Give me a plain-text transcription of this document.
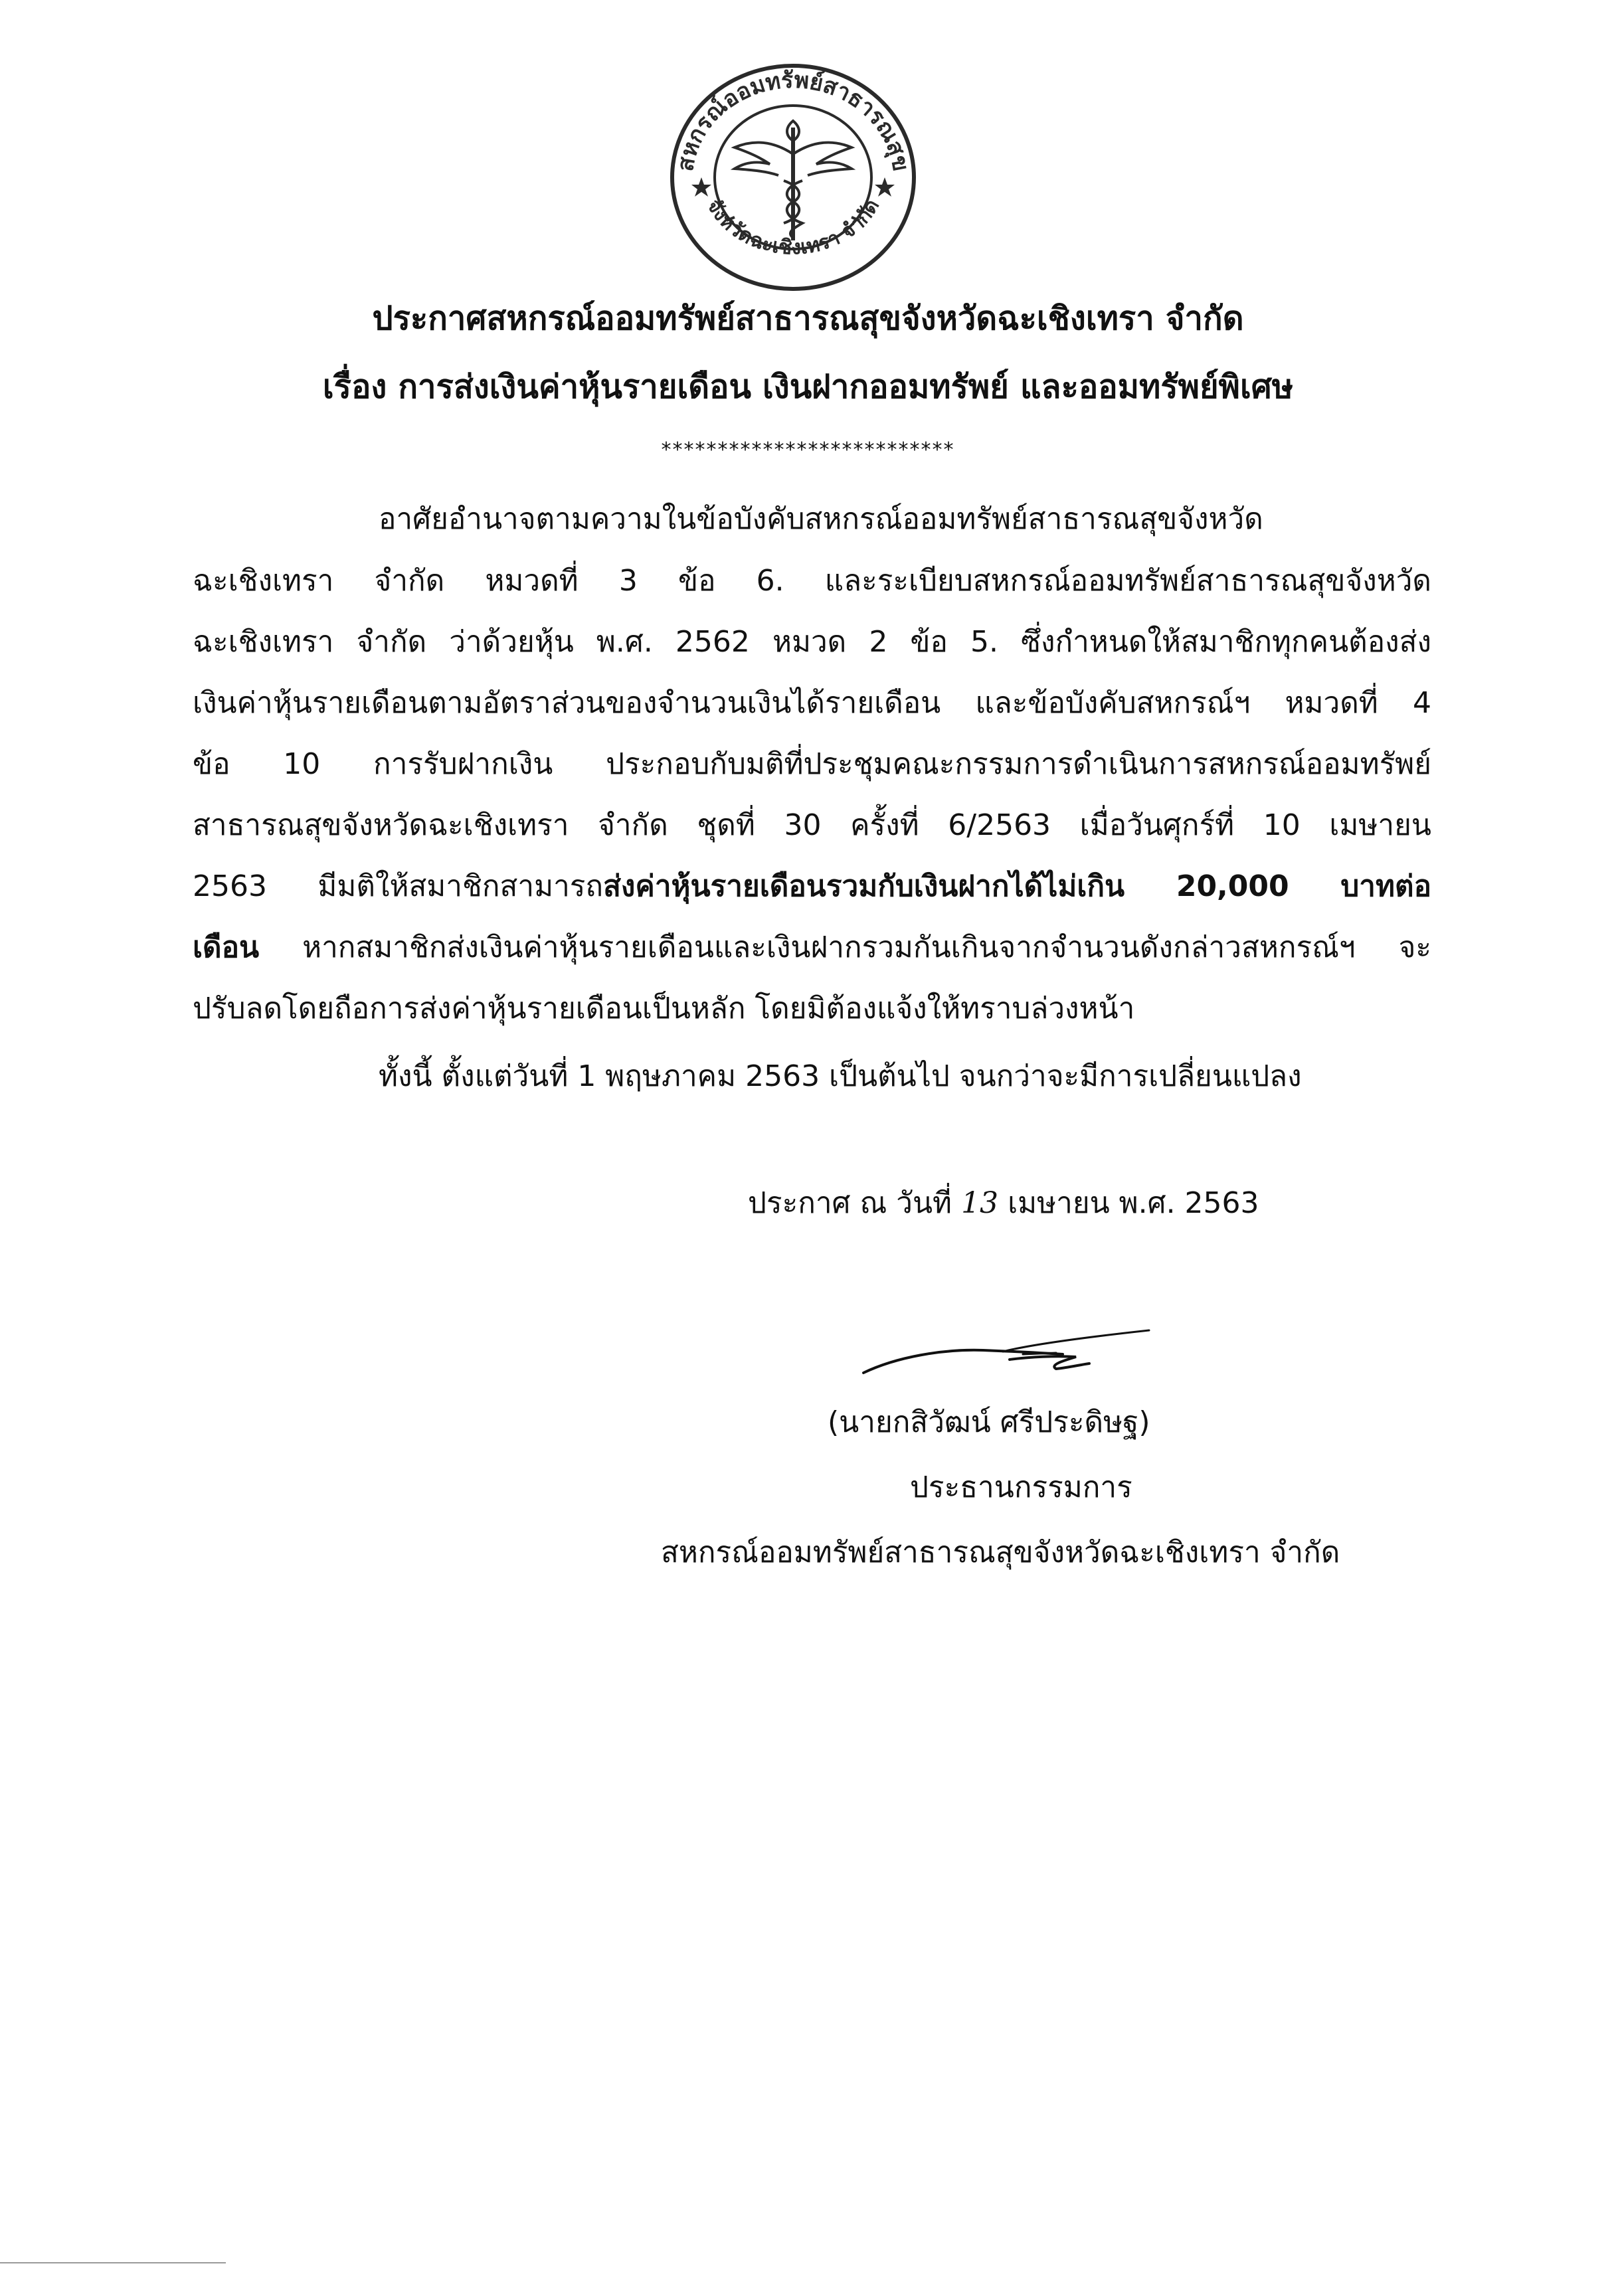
สหกรณ์ออมทรัพย์สาธารณสุข
จังหวัดฉะเชิงเทรา จำกัด
ประกาศสหกรณ์ออมทรัพย์สาธารณสุขจังหวัดฉะเชิงเทรา จำกัด
เรื่อง การส่งเงินค่าหุ้นรายเดือน เงินฝากออมทรัพย์ และออมทรัพย์พิเศษ
**************************
อาศัยอำนาจตามความในข้อบังคับสหกรณ์ออมทรัพย์สาธารณสุขจังหวัด
ฉะเชิงเทรา จำกัด หมวดที่ 3 ข้อ 6. และระเบียบสหกรณ์ออมทรัพย์สาธารณสุขจังหวัด
ฉะเชิงเทรา จำกัด ว่าด้วยหุ้น พ.ศ. 2562 หมวด 2 ข้อ 5. ซึ่งกำหนดให้สมาชิกทุกคนต้องส่ง
เงินค่าหุ้นรายเดือนตามอัตราส่วนของจำนวนเงินได้รายเดือน และข้อบังคับสหกรณ์ฯ หมวดที่ 4
ข้อ 10 การรับฝากเงิน ประกอบกับมติที่ประชุมคณะกรรมการดำเนินการสหกรณ์ออมทรัพย์
สาธารณสุขจังหวัดฉะเชิงเทรา จำกัด ชุดที่ 30 ครั้งที่ 6/2563 เมื่อวันศุกร์ที่ 10 เมษายน
2563 มีมติให้สมาชิกสามารถส่งค่าหุ้นรายเดือนรวมกับเงินฝากได้ไม่เกิน 20,000 บาทต่อ
เดือน หากสมาชิกส่งเงินค่าหุ้นรายเดือนและเงินฝากรวมกันเกินจากจำนวนดังกล่าวสหกรณ์ฯ จะ
ปรับลดโดยถือการส่งค่าหุ้นรายเดือนเป็นหลัก โดยมิต้องแจ้งให้ทราบล่วงหน้า
ทั้งนี้ ตั้งแต่วันที่ 1 พฤษภาคม 2563 เป็นต้นไป จนกว่าจะมีการเปลี่ยนแปลง
ประกาศ ณ วันที่ 13 เมษายน พ.ศ. 2563
(นายกสิวัฒน์ ศรีประดิษฐ)
ประธานกรรมการ
สหกรณ์ออมทรัพย์สาธารณสุขจังหวัดฉะเชิงเทรา จำกัด
